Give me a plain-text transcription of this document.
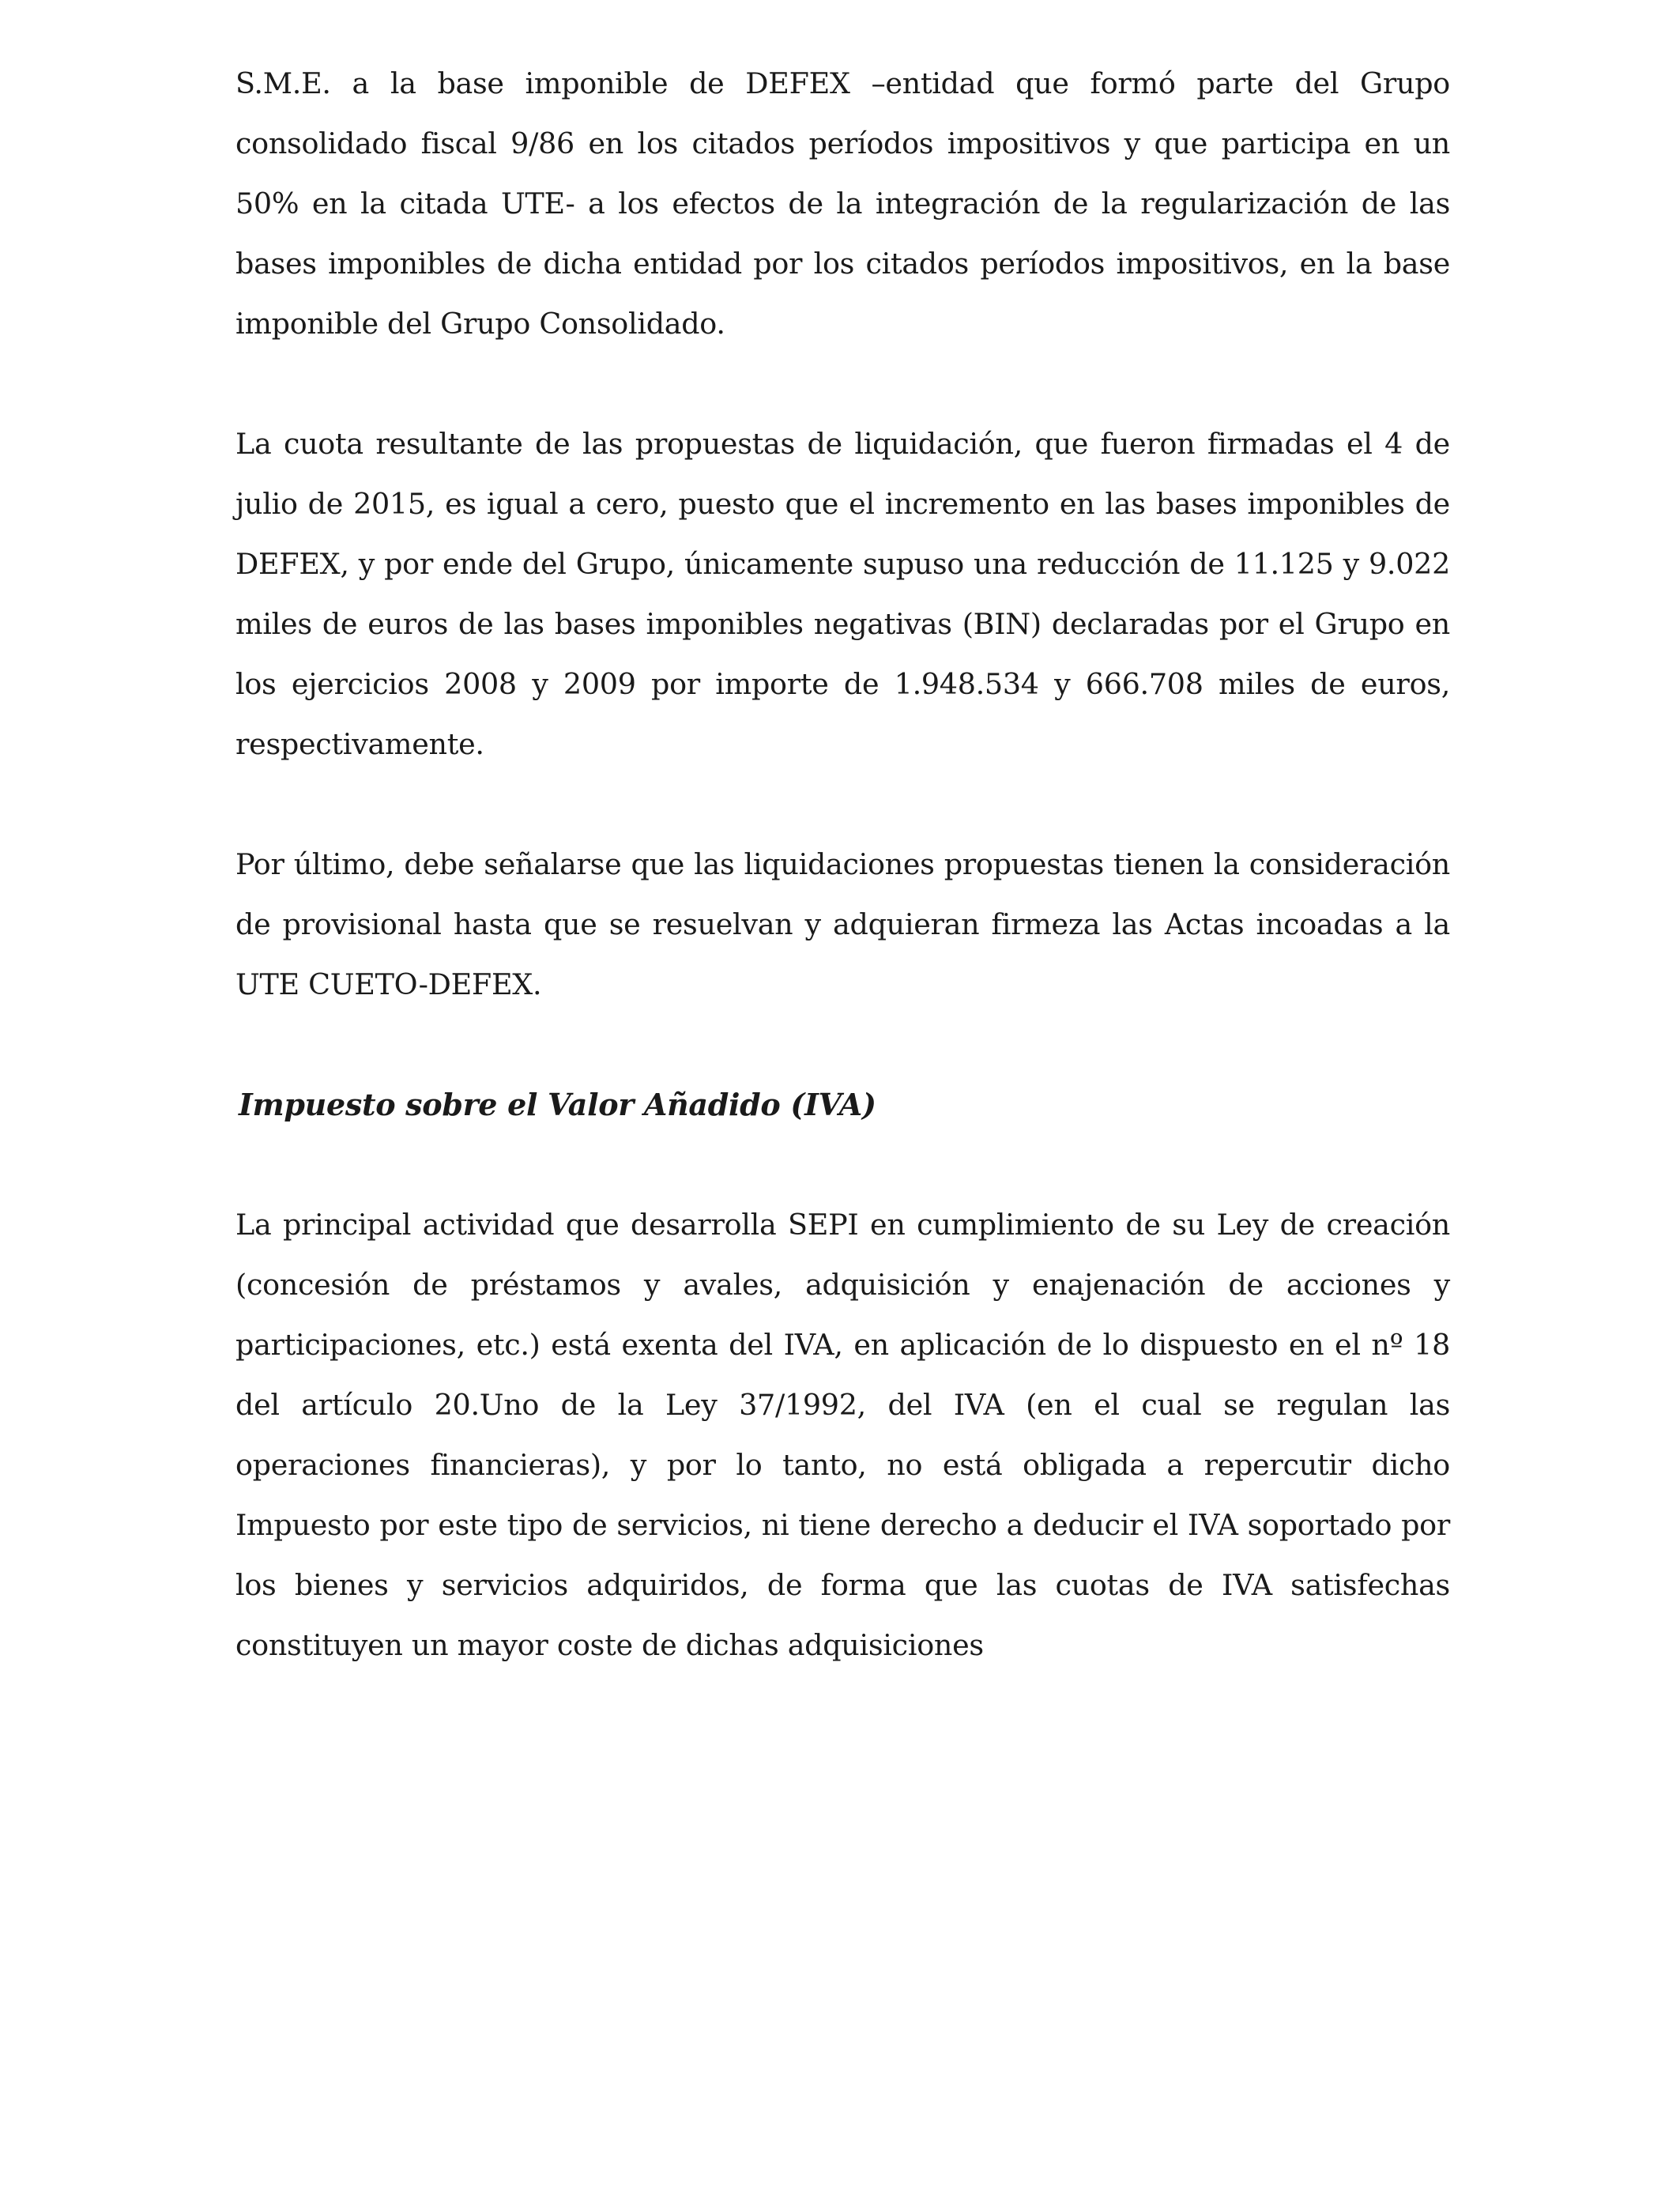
S.M.E. a la base imponible de DEFEX –entidad que formó parte del Grupo consolidado fiscal 9/86 en los citados períodos impositivos y que participa en un 50% en la citada UTE- a los efectos de la integración de la regularización de las bases imponibles de dicha entidad por los citados períodos impositivos, en la base imponible del Grupo Consolidado.

La cuota resultante de las propuestas de liquidación, que fueron firmadas el 4 de julio de 2015, es igual a cero, puesto que el incremento en las bases imponibles de DEFEX, y por ende del Grupo, únicamente supuso una reducción de 11.125 y 9.022 miles de euros de las bases imponibles negativas (BIN) declaradas por el Grupo en los ejercicios 2008 y 2009 por importe de 1.948.534 y 666.708 miles de euros, respectivamente.

Por último, debe señalarse que las liquidaciones propuestas tienen la consideración de provisional hasta que se resuelvan y adquieran firmeza las Actas incoadas a la UTE CUETO-DEFEX.

Impuesto sobre el Valor Añadido (IVA)

La principal actividad que desarrolla SEPI en cumplimiento de su Ley de creación (concesión de préstamos y avales, adquisición y enajenación de acciones y participaciones, etc.) está exenta del IVA, en aplicación de lo dispuesto en el nº 18 del artículo 20.Uno de la Ley 37/1992, del IVA (en el cual se regulan las operaciones financieras), y por lo tanto, no está obligada a repercutir dicho Impuesto por este tipo de servicios, ni tiene derecho a deducir el IVA soportado por los bienes y servicios adquiridos, de forma que las cuotas de IVA satisfechas constituyen un mayor coste de dichas adquisiciones
